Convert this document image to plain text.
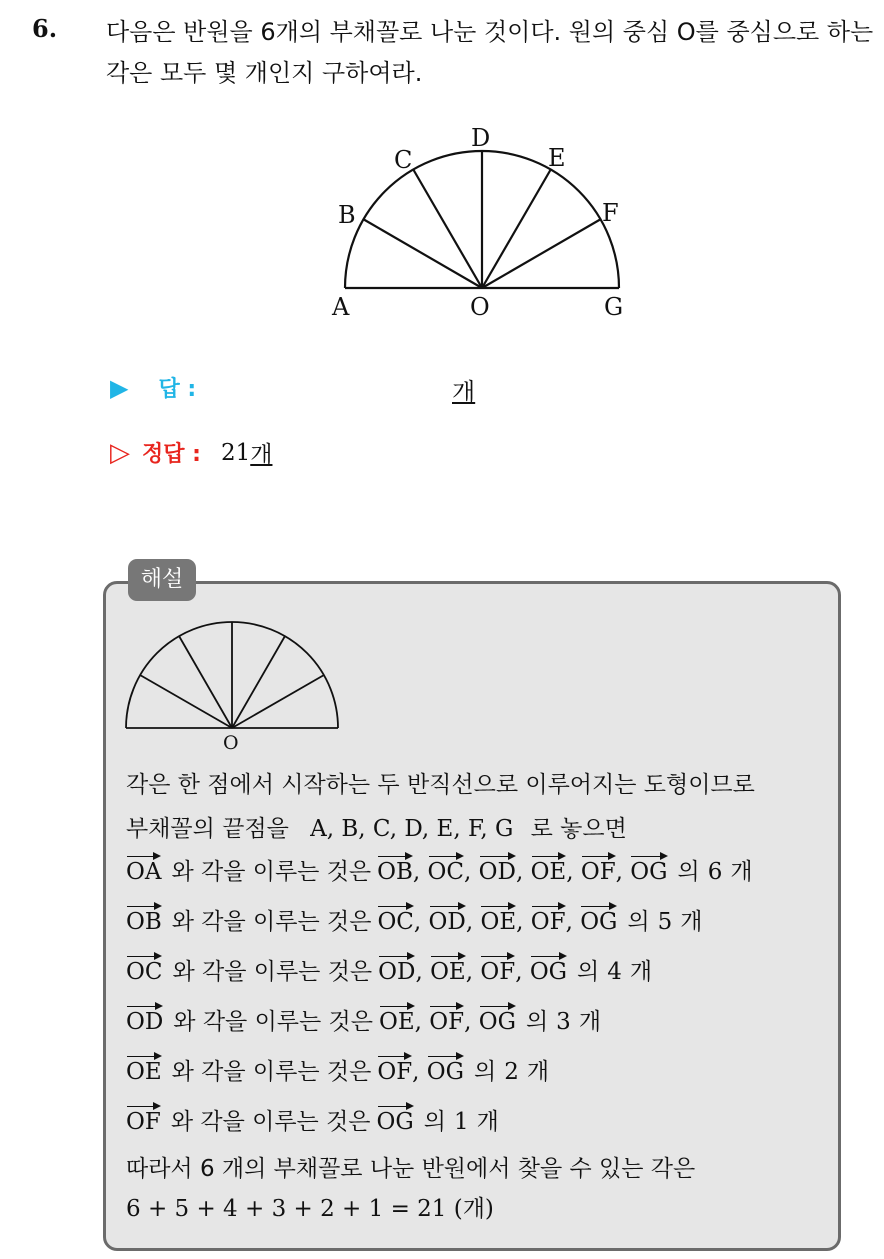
6. 다음은 반원을 6개의 부채꼴로 나눈 것이다. 원의 중심 O를 중심으로 하는 각은 모두 몇 개인지 구하여라.
A
B
C
D
E
F
G
O
▶ 답 :	개
▷ 정답 : 21 개
해설
O
각은 한 점에서 시작하는 두 반직선으로 이루어지는 도형이므로
부채꼴의 끝점을 A, B, C, D, E, F, G 로 놓으면
OA 와 각을 이루는 것은 OB, OC, OD, OE, OF, OG 의 6 개
OB 와 각을 이루는 것은 OC, OD, OE, OF, OG 의 5 개
OC 와 각을 이루는 것은 OD, OE, OF, OG 의 4 개
OD 와 각을 이루는 것은 OE, OF, OG 의 3 개
OE 와 각을 이루는 것은 OF, OG 의 2 개
OF 와 각을 이루는 것은 OG 의 1 개
따라서 6 개의 부채꼴로 나눈 반원에서 찾을 수 있는 각은
6 + 5 + 4 + 3 + 2 + 1 = 21 (개)
